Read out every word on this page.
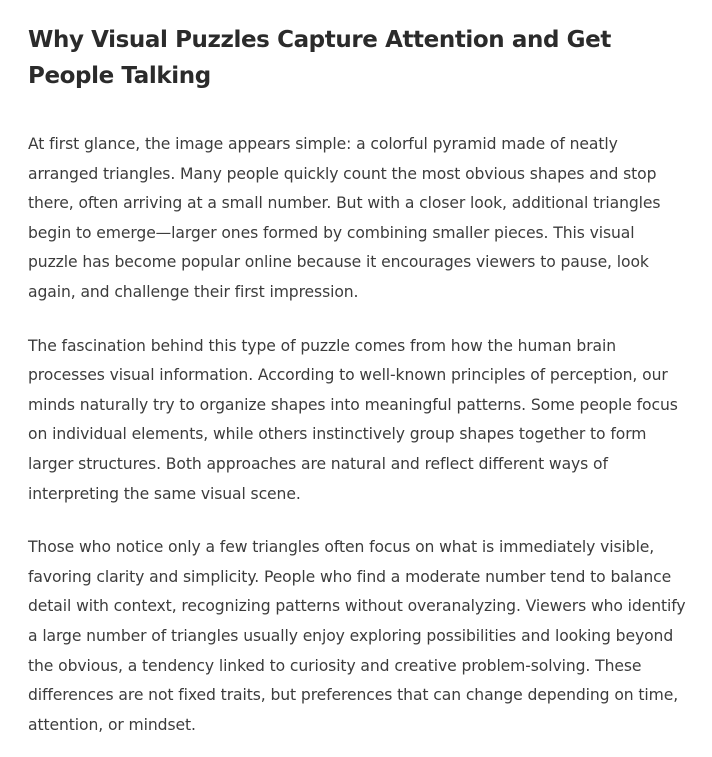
Why Visual Puzzles Capture Attention and Get People Talking

At first glance, the image appears simple: a colorful pyramid made of neatly arranged triangles. Many people quickly count the most obvious shapes and stop there, often arriving at a small number. But with a closer look, additional triangles begin to emerge—larger ones formed by combining smaller pieces. This visual puzzle has become popular online because it encourages viewers to pause, look again, and challenge their first impression.

The fascination behind this type of puzzle comes from how the human brain processes visual information. According to well-known principles of perception, our minds naturally try to organize shapes into meaningful patterns. Some people focus on individual elements, while others instinctively group shapes together to form larger structures. Both approaches are natural and reflect different ways of interpreting the same visual scene.

Those who notice only a few triangles often focus on what is immediately visible, favoring clarity and simplicity. People who find a moderate number tend to balance detail with context, recognizing patterns without overanalyzing. Viewers who identify a large number of triangles usually enjoy exploring possibilities and looking beyond the obvious, a tendency linked to curiosity and creative problem-solving. These differences are not fixed traits, but preferences that can change depending on time, attention, or mindset.
